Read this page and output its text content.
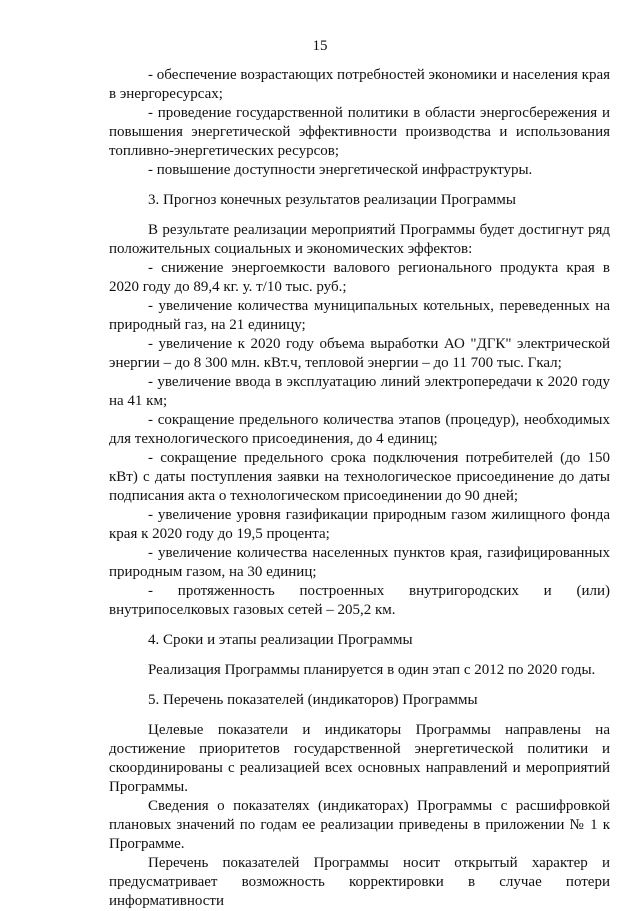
15

- обеспечение возрастающих потребностей экономики и населения края в энергоресурсах;

- проведение государственной политики в области энергосбережения и повышения энергетической эффективности производства и использования топливно-энергетических ресурсов;

- повышение доступности энергетической инфраструктуры.

3. Прогноз конечных результатов реализации Программы

В результате реализации мероприятий Программы будет достигнут ряд положительных социальных и экономических эффектов:

- снижение энергоемкости валового регионального продукта края в 2020 году до 89,4 кг. у. т/10 тыс. руб.;

- увеличение количества муниципальных котельных, переведенных на природный газ, на 21 единицу;

- увеличение к 2020 году объема выработки АО "ДГК" электрической энергии – до 8 300 млн. кВт.ч, тепловой энергии – до 11 700 тыс. Гкал;

- увеличение ввода в эксплуатацию линий электропередачи к 2020 году на 41 км;

- сокращение предельного количества этапов (процедур), необходимых для технологического присоединения, до 4 единиц;

- сокращение предельного срока подключения потребителей (до 150 кВт) с даты поступления заявки на технологическое присоединение до даты подписания акта о технологическом присоединении до 90 дней;

- увеличение уровня газификации природным газом жилищного фонда края к 2020 году до 19,5 процента;

- увеличение количества населенных пунктов края, газифицированных природным газом, на 30 единиц;

- протяженность построенных внутригородских и (или) внутрипоселковых газовых сетей – 205,2 км.

4. Сроки и этапы реализации Программы

Реализация Программы планируется в один этап с 2012 по 2020 годы.

5. Перечень показателей (индикаторов) Программы

Целевые показатели и индикаторы Программы направлены на достижение приоритетов государственной энергетической политики и скоординированы с реализацией всех основных направлений и мероприятий Программы.

Сведения о показателях (индикаторах) Программы с расшифровкой плановых значений по годам ее реализации приведены в приложении № 1 к Программе.

Перечень показателей Программы носит открытый характер и предусматривает возможность корректировки в случае потери информативности
